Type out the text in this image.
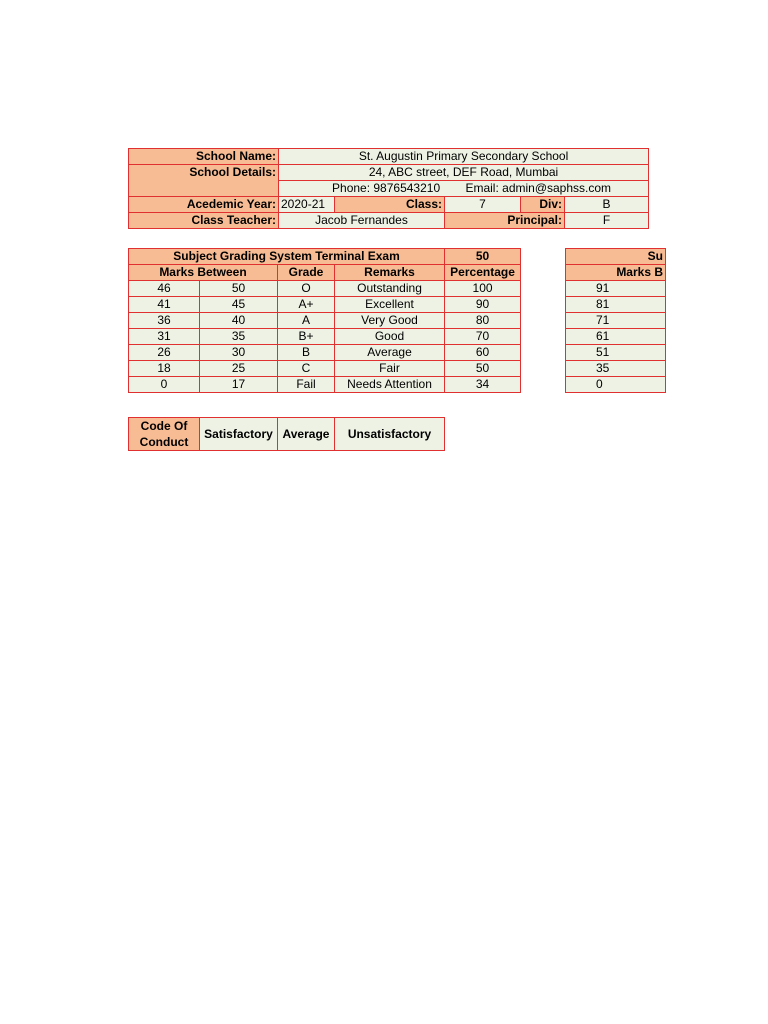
School Name:	St. Augustin Primary Secondary School				
School Details:	24, ABC street, DEF Road, Mumbai				
	Phone: 9876543210 Email: admin@saphss.com				
Acedemic Year:	2020-21	Class:	7	Div:	B
Class Teacher:	Jacob Fernandes		Principal:		F
Subject Grading System Terminal Exam				50
Marks Between		Grade	Remarks	Percentage
46	50	O	Outstanding	100
41	45	A+	Excellent	90
36	40	A	Very Good	80
31	35	B+	Good	70
26	30	B	Average	60
18	25	C	Fair	50
0	17	Fail	Needs Attention	34
Su
Marks B
91
81
71
61
51
35
0
Code Of Conduct	Satisfactory	Average	Unsatisfactory
